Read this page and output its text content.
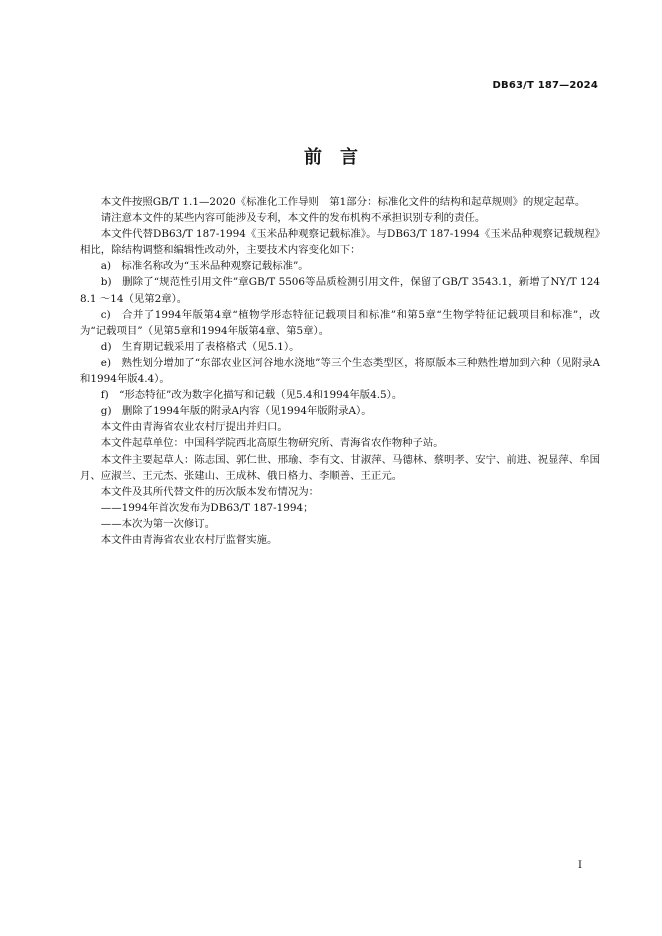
DB63/T 187—2024
前　言

本文件按照GB/T 1.1—2020《标准化工作导则　第1部分：标准化文件的结构和起草规则》的规定起草。

请注意本文件的某些内容可能涉及专利，本文件的发布机构不承担识别专利的责任。

本文件代替DB63/T 187-1994《玉米品种观察记载标准》。与DB63/T 187-1994《玉米品种观察记载规程》相比，除结构调整和编辑性改动外，主要技术内容变化如下：

a)　标准名称改为“玉米品种观察记载标准”。

b)　删除了“规范性引用文件”章GB/T 5506等品质检测引用文件，保留了GB/T 3543.1，新增了NY/T 1248.1 ～14（见第2章）。

c)　合并了1994年版第4章“植物学形态特征记载项目和标准”和第5章“生物学特征记载项目和标准”，改为“记载项目”（见第5章和1994年版第4章、第5章）。

d)　生育期记载采用了表格格式（见5.1）。

e)　熟性划分增加了“东部农业区河谷地水浇地”等三个生态类型区，将原版本三种熟性增加到六种（见附录A和1994年版4.4）。

f)　“形态特征”改为数字化描写和记载（见5.4和1994年版4.5）。

g)　删除了1994年版的附录A内容（见1994年版附录A）。

本文件由青海省农业农村厅提出并归口。

本文件起草单位：中国科学院西北高原生物研究所、青海省农作物种子站。

本文件主要起草人：陈志国、郭仁世、邢瑜、李有文、甘淑萍、马德林、蔡明孝、安宁、前进、祝显萍、牟国月、应淑兰、王元杰、张建山、王成林、俄日格力、李顺善、王正元。

本文件及其所代替文件的历次版本发布情况为：

——1994年首次发布为DB63/T 187-1994；

——本次为第一次修订。

本文件由青海省农业农村厅监督实施。

I
